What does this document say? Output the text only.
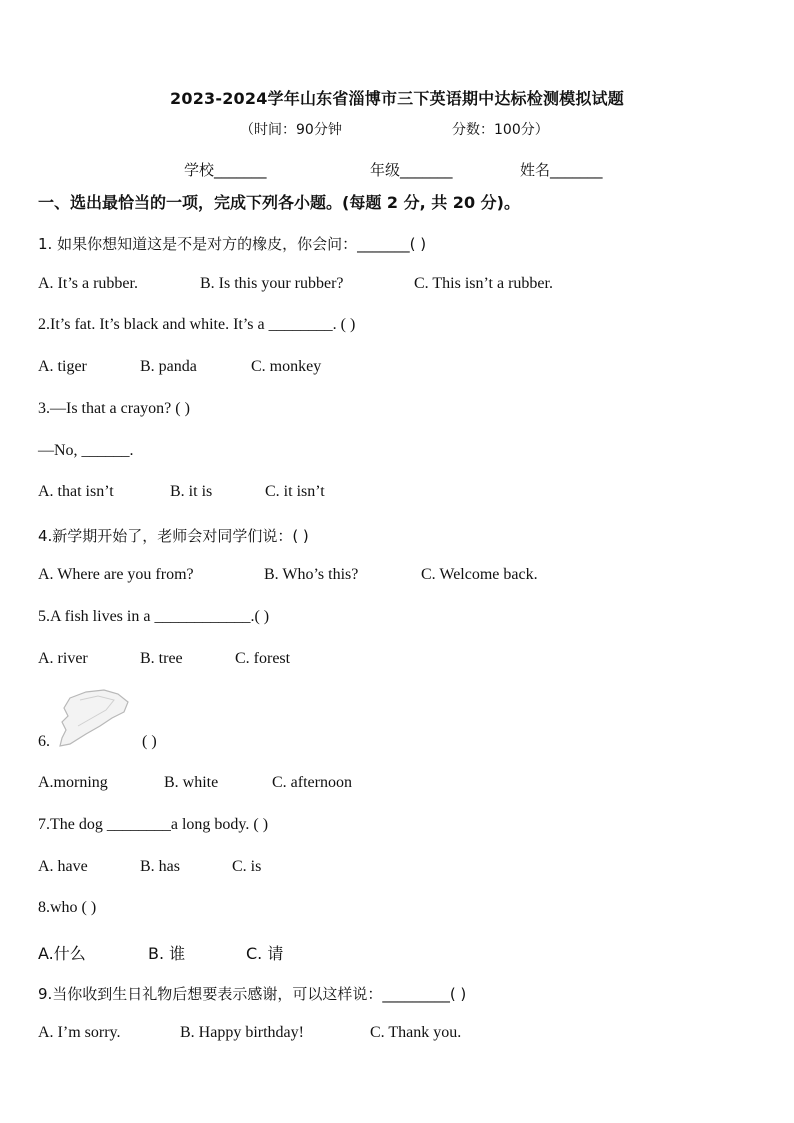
2023-2024学年山东省淄博市三下英语期中达标检测模拟试题
（时间：90分钟	分数：100分）
学校_______	年级_______	姓名_______
一、选出最恰当的一项，完成下列各小题。(每题 2 分, 共 20 分)。
1. 如果你想知道这是不是对方的橡皮，你会问：_______( )
A. It’s a rubber.	B. Is this your rubber?	C. This isn’t a rubber.
2.It’s fat. It’s black and white. It’s a ________. ( )
A. tiger	B. panda	C. monkey
3.—Is that a crayon? ( )
—No, ______.
A. that isn’t	B. it is	C. it isn’t
4.新学期开始了，老师会对同学们说：( )
A. Where are you from?	B. Who’s this?	C. Welcome back.
5.A fish lives in a ____________.( )
A. river	B. tree	C. forest
6.	( )
A.morning	B. white	C. afternoon
7.The dog ________a long body. ( )
A. have	B. has	C. is
8.who ( )
A.什么	B. 谁	C. 请
9.当你收到生日礼物后想要表示感谢，可以这样说：_________( )
A. I’m sorry.	B. Happy birthday!	C. Thank you.
